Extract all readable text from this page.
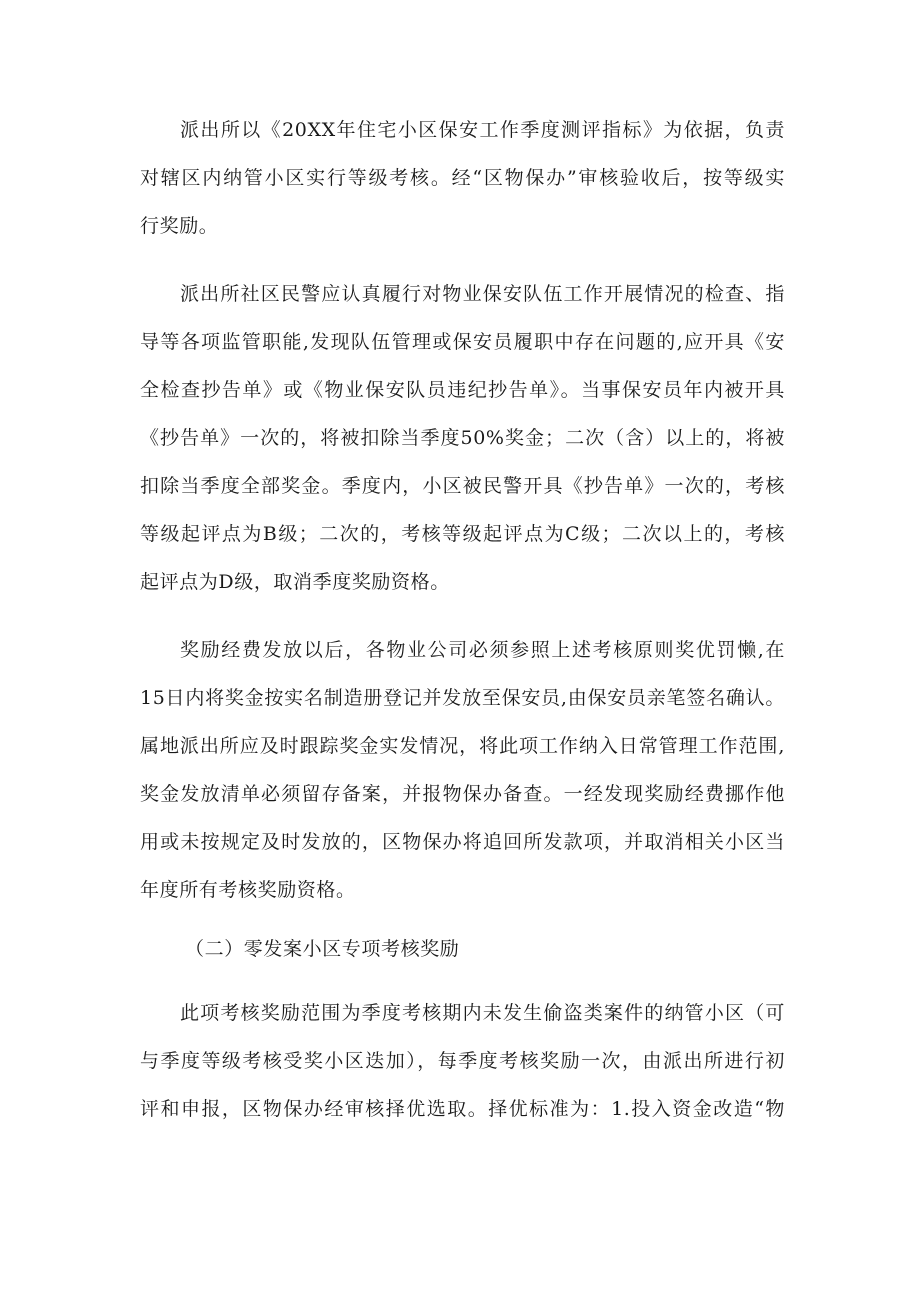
派出所以《20XX年住宅小区保安工作季度测评指标》为依据，负责
对辖区内纳管小区实行等级考核。经“区物保办”审核验收后，按等级实
行奖励。
派出所社区民警应认真履行对物业保安队伍工作开展情况的检查、指
导等各项监管职能,发现队伍管理或保安员履职中存在问题的,应开具《安
全检查抄告单》或《物业保安队员违纪抄告单》。当事保安员年内被开具
《抄告单》一次的，将被扣除当季度50%奖金；二次（含）以上的，将被
扣除当季度全部奖金。季度内，小区被民警开具《抄告单》一次的，考核
等级起评点为B级；二次的，考核等级起评点为C级；二次以上的，考核
起评点为D级，取消季度奖励资格。
奖励经费发放以后，各物业公司必须参照上述考核原则奖优罚懒,在
15日内将奖金按实名制造册登记并发放至保安员,由保安员亲笔签名确认。
属地派出所应及时跟踪奖金实发情况，将此项工作纳入日常管理工作范围,
奖金发放清单必须留存备案，并报物保办备查。一经发现奖励经费挪作他
用或未按规定及时发放的，区物保办将追回所发款项，并取消相关小区当
年度所有考核奖励资格。
（二）零发案小区专项考核奖励
此项考核奖励范围为季度考核期内未发生偷盗类案件的纳管小区（可
与季度等级考核受奖小区迭加），每季度考核奖励一次，由派出所进行初
评和申报，区物保办经审核择优选取。择优标准为：1.投入资金改造“物
